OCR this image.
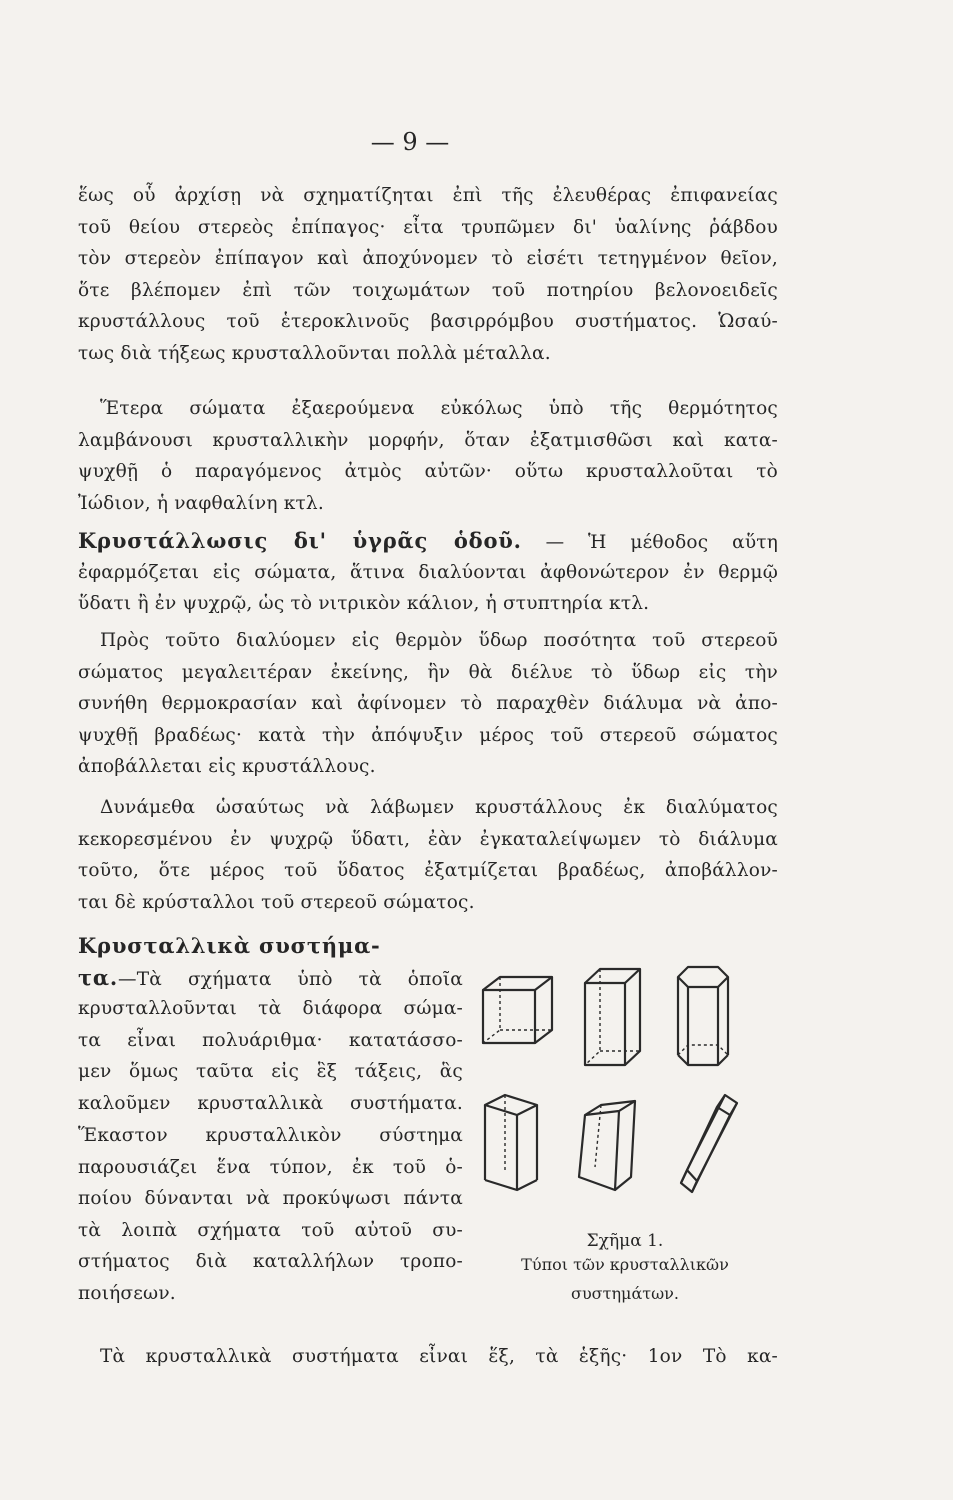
— 9 —
ἕως οὗ ἀρχίσῃ νὰ σχηματίζηται ἐπὶ τῆς ἐλευθέρας ἐπιφανείας
τοῦ θείου στερεὸς ἐπίπαγος· εἶτα τρυπῶμεν δι' ὑαλίνης ῥάβδου
τὸν στερεὸν ἐπίπαγον καὶ ἀποχύνομεν τὸ εἰσέτι τετηγμένον θεῖον,
ὅτε βλέπομεν ἐπὶ τῶν τοιχωμάτων τοῦ ποτηρίου βελονοειδεῖς
κρυστάλλους τοῦ ἑτεροκλινοῦς βασιρρόμβου συστήματος. Ὡσαύ-
τως διὰ τήξεως κρυσταλλοῦνται πολλὰ μέταλλα.
Ἕτερα σώματα ἐξαερούμενα εὐκόλως ὑπὸ τῆς θερμότητος
λαμβάνουσι κρυσταλλικὴν μορφήν, ὅταν ἐξατμισθῶσι καὶ κατα-
ψυχθῇ ὁ παραγόμενος ἀτμὸς αὐτῶν· οὕτω κρυσταλλοῦται τὸ
Ἰώδιον, ἡ ναφθαλίνη κτλ.
Κρυστάλλωσις δι' ὑγρᾶς ὁδοῦ. — Ἡ μέθοδος αὕτη
ἐφαρμόζεται εἰς σώματα, ἅτινα διαλύονται ἀφθονώτερον ἐν θερμῷ
ὕδατι ἢ ἐν ψυχρῷ, ὡς τὸ νιτρικὸν κάλιον, ἡ στυπτηρία κτλ.
Πρὸς τοῦτο διαλύομεν εἰς θερμὸν ὕδωρ ποσότητα τοῦ στερεοῦ
σώματος μεγαλειτέραν ἐκείνης, ἣν θὰ διέλυε τὸ ὕδωρ εἰς τὴν
συνήθη θερμοκρασίαν καὶ ἀφίνομεν τὸ παραχθὲν διάλυμα νὰ ἀπο-
ψυχθῇ βραδέως· κατὰ τὴν ἀπόψυξιν μέρος τοῦ στερεοῦ σώματος
ἀποβάλλεται εἰς κρυστάλλους.
Δυνάμεθα ὡσαύτως νὰ λάβωμεν κρυστάλλους ἐκ διαλύματος
κεκορεσμένου ἐν ψυχρῷ ὕδατι, ἐὰν ἐγκαταλείψωμεν τὸ διάλυμα
τοῦτο, ὅτε μέρος τοῦ ὕδατος ἐξατμίζεται βραδέως, ἀποβάλλον-
ται δὲ κρύσταλλοι τοῦ στερεοῦ σώματος.
Κρυσταλλικὰ συστήμα-
τα.—Τὰ σχήματα ὑπὸ τὰ ὁποῖα
κρυσταλλοῦνται τὰ διάφορα σώμα-
τα εἶναι πολυάριθμα· κατατάσσο-
μεν ὅμως ταῦτα εἰς ἓξ τάξεις, ἃς
καλοῦμεν κρυσταλλικὰ συστήματα.
Ἕκαστον κρυσταλλικὸν σύστημα
παρουσιάζει ἕνα τύπον, ἐκ τοῦ ὁ-
ποίου δύνανται νὰ προκύψωσι πάντα
τὰ λοιπὰ σχήματα τοῦ αὐτοῦ συ-
στήματος διὰ καταλλήλων τροπο-
ποιήσεων.
Σχῆμα 1.
Τύποι τῶν κρυσταλλικῶν
συστημάτων.
Τὰ κρυσταλλικὰ συστήματα εἶναι ἕξ, τὰ ἑξῆς· 1ον Τὸ κα-
